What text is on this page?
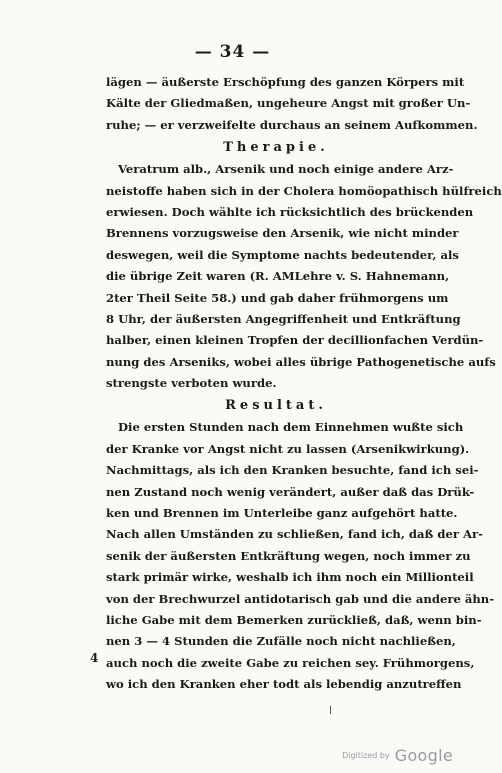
— 34 —
lägen — äußerste Erschöpfung des ganzen Körpers mit
Kälte der Gliedmaßen, ungeheure Angst mit großer Un-
ruhe; — er verzweifelte durchaus an seinem Aufkommen.
Therapie.
Veratrum alb., Arsenik und noch einige andere Arz-
neistoffe haben sich in der Cholera homöopathisch hülfreich
erwiesen. Doch wählte ich rücksichtlich des brückenden
Brennens vorzugsweise den Arsenik, wie nicht minder
deswegen, weil die Symptome nachts bedeutender, als
die übrige Zeit waren (R. AMLehre v. S. Hahnemann,
2ter Theil Seite 58.) und gab daher frühmorgens um
8 Uhr, der äußersten Angegriffenheit und Entkräftung
halber, einen kleinen Tropfen der decillionfachen Verdün-
nung des Arseniks, wobei alles übrige Pathogenetische aufs
strengste verboten wurde.
Resultat.
Die ersten Stunden nach dem Einnehmen wußte sich
der Kranke vor Angst nicht zu lassen (Arsenikwirkung).
Nachmittags, als ich den Kranken besuchte, fand ich sei-
nen Zustand noch wenig verändert, außer daß das Drük-
ken und Brennen im Unterleibe ganz aufgehört hatte.
Nach allen Umständen zu schließen, fand ich, daß der Ar-
senik der äußersten Entkräftung wegen, noch immer zu
stark primär wirke, weshalb ich ihm noch ein Millionteil
von der Brechwurzel antidotarisch gab und die andere ähn-
liche Gabe mit dem Bemerken zurückließ, daß, wenn bin-
nen 3 — 4 Stunden die Zufälle noch nicht nachließen,
auch noch die zweite Gabe zu reichen sey. Frühmorgens,
wo ich den Kranken eher todt als lebendig anzutreffen
4
Digitized by Google
